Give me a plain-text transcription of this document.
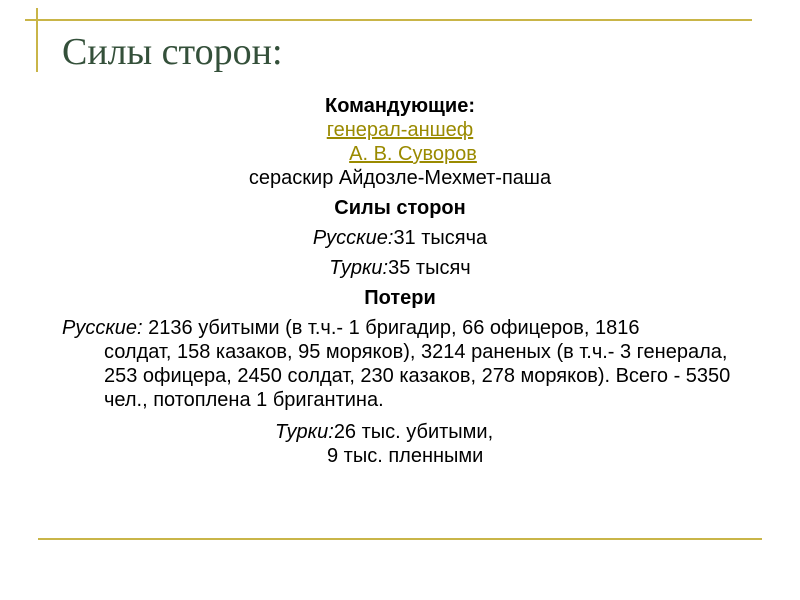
Силы сторон:
Командующие:
генерал-аншеф
А. В. Суворов
сераскир Айдозле-Мехмет-паша
Силы сторон
Русские:31 тысяча
Турки:35 тысяч
Потери
Русские: 2136 убитыми (в т.ч.- 1 бригадир, 66 офицеров, 1816
солдат, 158 казаков, 95 моряков), 3214 раненых (в т.ч.- 3 генерала, 253 офицера, 2450 солдат, 230 казаков, 278 моряков). Всего - 5350 чел., потоплена 1 бригантина.
Турки:26 тыс. убитыми,
9 тыс. пленными
